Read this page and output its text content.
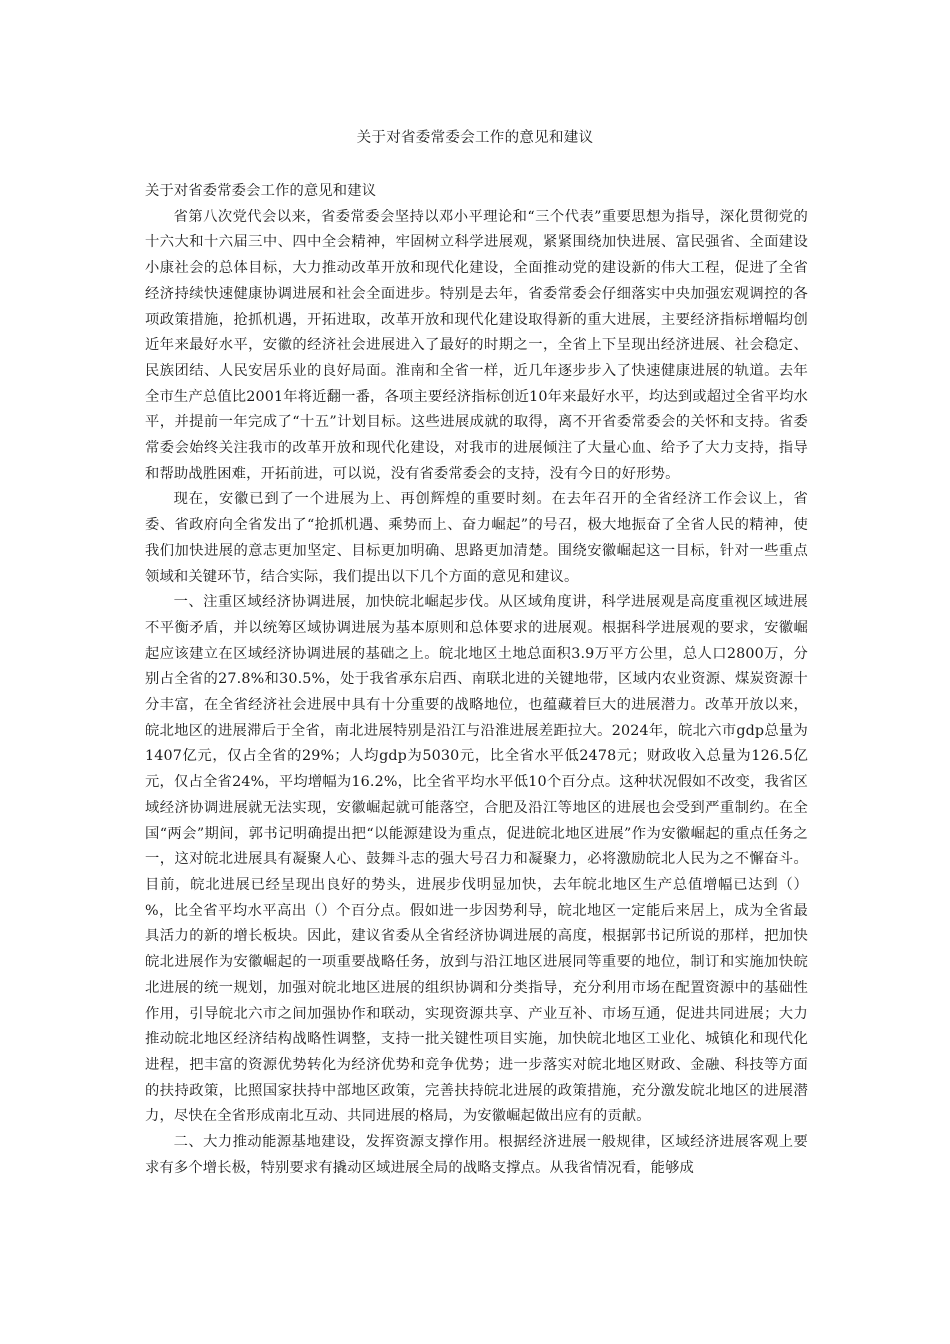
关于对省委常委会工作的意见和建议

关于对省委常委会工作的意见和建议

省第八次党代会以来，省委常委会坚持以邓小平理论和“三个代表”重要思想为指导，深化贯彻党的十六大和十六届三中、四中全会精神，牢固树立科学进展观，紧紧围绕加快进展、富民强省、全面建设小康社会的总体目标，大力推动改革开放和现代化建设，全面推动党的建设新的伟大工程，促进了全省经济持续快速健康协调进展和社会全面进步。特别是去年，省委常委会仔细落实中央加强宏观调控的各项政策措施，抢抓机遇，开拓进取，改革开放和现代化建设取得新的重大进展，主要经济指标增幅均创近年来最好水平，安徽的经济社会进展进入了最好的时期之一，全省上下呈现出经济进展、社会稳定、民族团结、人民安居乐业的良好局面。淮南和全省一样，近几年逐步步入了快速健康进展的轨道。去年全市生产总值比2001年将近翻一番，各项主要经济指标创近10年来最好水平，均达到或超过全省平均水平，并提前一年完成了“十五”计划目标。这些进展成就的取得，离不开省委常委会的关怀和支持。省委常委会始终关注我市的改革开放和现代化建设，对我市的进展倾注了大量心血、给予了大力支持，指导和帮助战胜困难，开拓前进，可以说，没有省委常委会的支持，没有今日的好形势。

现在，安徽已到了一个进展为上、再创辉煌的重要时刻。在去年召开的全省经济工作会议上，省委、省政府向全省发出了“抢抓机遇、乘势而上、奋力崛起”的号召，极大地振奋了全省人民的精神，使我们加快进展的意志更加坚定、目标更加明确、思路更加清楚。围绕安徽崛起这一目标，针对一些重点领域和关键环节，结合实际，我们提出以下几个方面的意见和建议。

一、注重区域经济协调进展，加快皖北崛起步伐。从区域角度讲，科学进展观是高度重视区域进展不平衡矛盾，并以统筹区域协调进展为基本原则和总体要求的进展观。根据科学进展观的要求，安徽崛起应该建立在区域经济协调进展的基础之上。皖北地区土地总面积3.9万平方公里，总人口2800万，分别占全省的27.8%和30.5%，处于我省承东启西、南联北进的关键地带，区域内农业资源、煤炭资源十分丰富，在全省经济社会进展中具有十分重要的战略地位，也蕴藏着巨大的进展潜力。改革开放以来，皖北地区的进展滞后于全省，南北进展特别是沿江与沿淮进展差距拉大。2024年，皖北六市gdp总量为1407亿元，仅占全省的29%；人均gdp为5030元，比全省水平低2478元；财政收入总量为126.5亿元，仅占全省24%，平均增幅为16.2%，比全省平均水平低10个百分点。这种状况假如不改变，我省区域经济协调进展就无法实现，安徽崛起就可能落空，合肥及沿江等地区的进展也会受到严重制约。在全国“两会”期间，郭书记明确提出把“以能源建设为重点，促进皖北地区进展”作为安徽崛起的重点任务之一，这对皖北进展具有凝聚人心、鼓舞斗志的强大号召力和凝聚力，必将激励皖北人民为之不懈奋斗。目前，皖北进展已经呈现出良好的势头，进展步伐明显加快，去年皖北地区生产总值增幅已达到（）%，比全省平均水平高出（）个百分点。假如进一步因势利导，皖北地区一定能后来居上，成为全省最具活力的新的增长板块。因此，建议省委从全省经济协调进展的高度，根据郭书记所说的那样，把加快皖北进展作为安徽崛起的一项重要战略任务，放到与沿江地区进展同等重要的地位，制订和实施加快皖北进展的统一规划，加强对皖北地区进展的组织协调和分类指导，充分利用市场在配置资源中的基础性作用，引导皖北六市之间加强协作和联动，实现资源共享、产业互补、市场互通，促进共同进展；大力推动皖北地区经济结构战略性调整，支持一批关键性项目实施，加快皖北地区工业化、城镇化和现代化进程，把丰富的资源优势转化为经济优势和竞争优势；进一步落实对皖北地区财政、金融、科技等方面的扶持政策，比照国家扶持中部地区政策，完善扶持皖北进展的政策措施，充分激发皖北地区的进展潜力，尽快在全省形成南北互动、共同进展的格局，为安徽崛起做出应有的贡献。

二、大力推动能源基地建设，发挥资源支撑作用。根据经济进展一般规律，区域经济进展客观上要求有多个增长极，特别要求有撬动区域进展全局的战略支撑点。从我省情况看，能够成
